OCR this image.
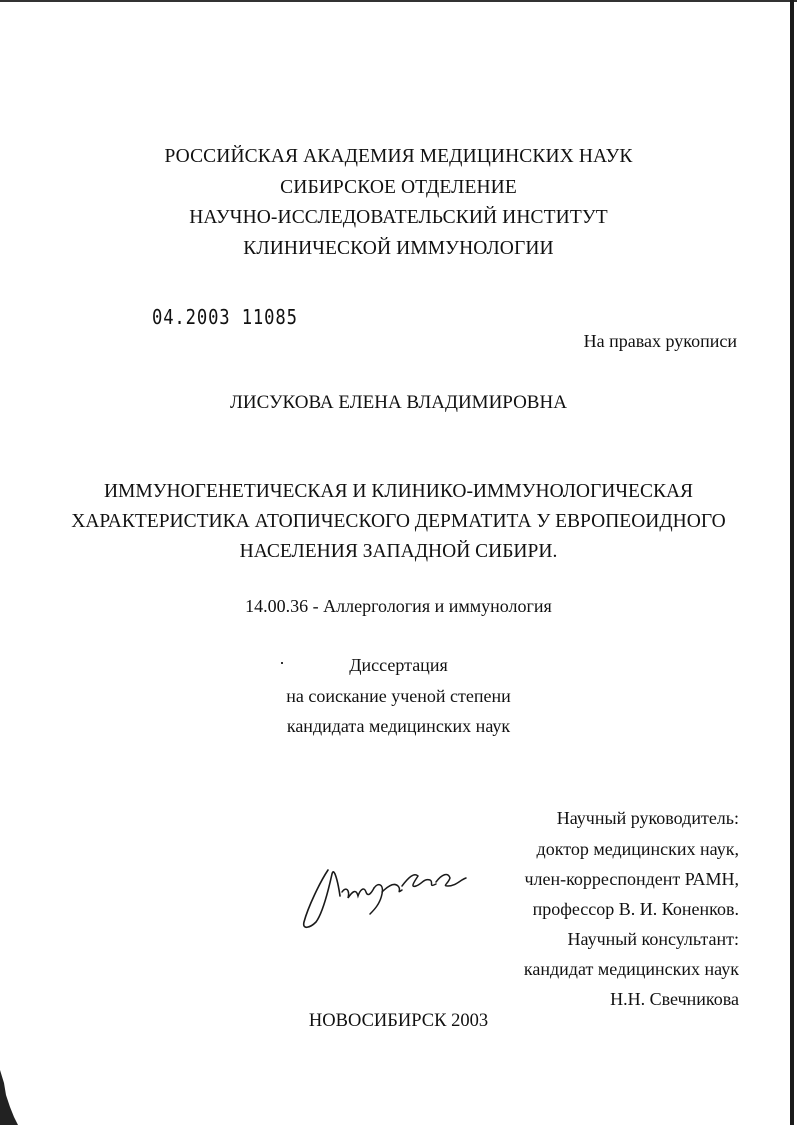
РОССИЙСКАЯ АКАДЕМИЯ МЕДИЦИНСКИХ НАУК
СИБИРСКОЕ ОТДЕЛЕНИЕ
НАУЧНО-ИССЛЕДОВАТЕЛЬСКИЙ ИНСТИТУТ
КЛИНИЧЕСКОЙ ИММУНОЛОГИИ
04.2003 11085
На правах рукописи
ЛИСУКОВА ЕЛЕНА ВЛАДИМИРОВНА
ИММУНОГЕНЕТИЧЕСКАЯ И КЛИНИКО-ИММУНОЛОГИЧЕСКАЯ
ХАРАКТЕРИСТИКА АТОПИЧЕСКОГО ДЕРМАТИТА У ЕВРОПЕОИДНОГО
НАСЕЛЕНИЯ ЗАПАДНОЙ СИБИРИ.
14.00.36 - Аллергология и иммунология
Диссертация
на соискание ученой степени
кандидата медицинских наук
Научный руководитель:
доктор медицинских наук,
член-корреспондент РАМН,
профессор В. И. Коненков.
Научный консультант:
кандидат медицинских наук
Н.Н. Свечникова
НОВОСИБИРСК 2003
